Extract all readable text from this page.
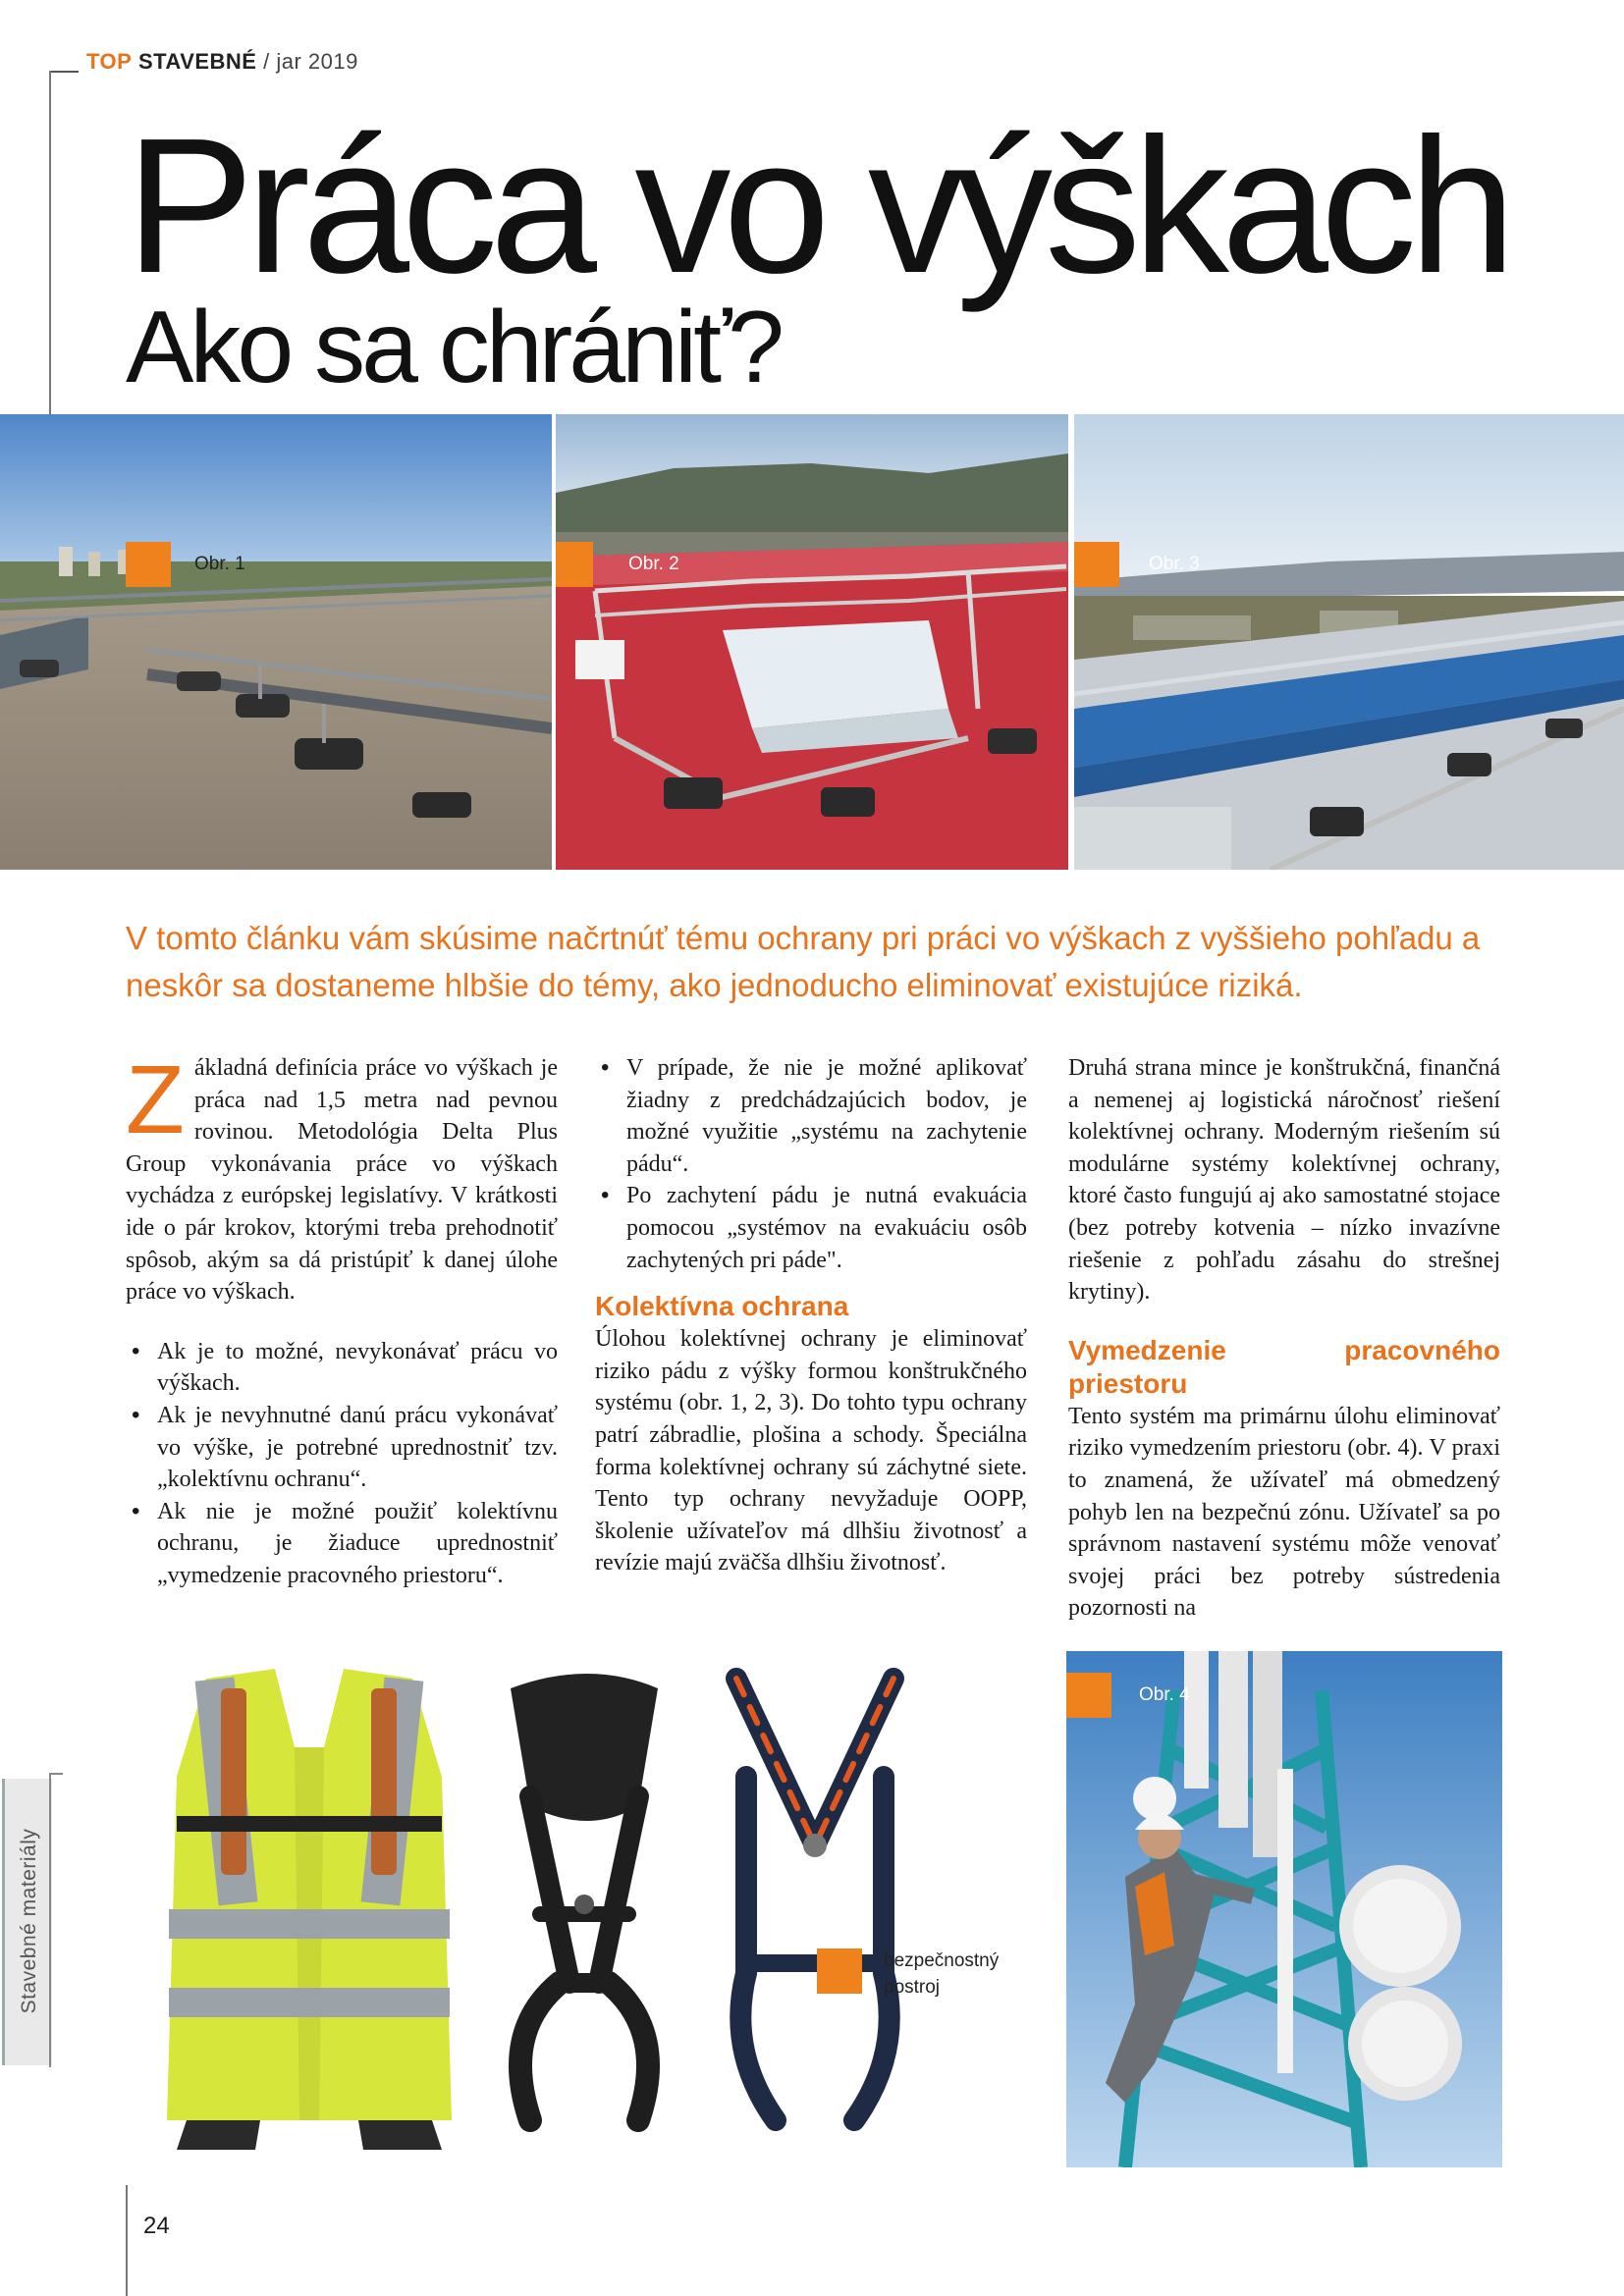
TOP STAVEBNÉ / jar 2019
Práca vo výškach
Ako sa chrániť?
Obr. 1	Obr. 2	Obr. 3
V tomto článku vám skúsime načrtnúť tému ochrany pri práci vo výškach z vyššieho pohľadu a neskôr sa dostaneme hlbšie do témy, ako jednoducho eliminovať existujúce riziká.

Základná definícia práce vo výškach je práca nad 1,5 metra nad pevnou rovinou. Metodológia Delta Plus Group vykonávania práce vo výškach vychádza z európskej legislatívy. V krátkosti ide o pár krokov, ktorými treba prehodnotiť spôsob, akým sa dá pristúpiť k danej úlohe práce vo výškach.

• Ak je to možné, nevykonávať prácu vo výškach.
• Ak je nevyhnutné danú prácu vykonávať vo výške, je potrebné uprednostniť tzv. „kolektívnu ochranu“.
• Ak nie je možné použiť kolektívnu ochranu, je žiaduce uprednostniť „vymedzenie pracovného priestoru“.
• V prípade, že nie je možné aplikovať žiadny z predchádzajúcich bodov, je možné využitie „systému na zachytenie pádu“.
• Po zachytení pádu je nutná evakuácia pomocou „systémov na evakuáciu osôb zachytených pri páde".
Kolektívna ochrana

Úlohou kolektívnej ochrany je eliminovať riziko pádu z výšky formou konštrukčného systému (obr. 1, 2, 3). Do tohto typu ochrany patrí zábradlie, plošina a schody. Špeciálna forma kolektívnej ochrany sú záchytné siete. Tento typ ochrany nevyžaduje OOPP, školenie užívateľov má dlhšiu životnosť a revízie majú zväčša dlhšiu životnosť.

Druhá strana mince je konštrukčná, finančná a nemenej aj logistická náročnosť riešení kolektívnej ochrany. Moderným riešením sú modulárne systémy kolektívnej ochrany, ktoré často fungujú aj ako samostatné stojace (bez potreby kotvenia – nízko invazívne riešenie z pohľadu zásahu do strešnej krytiny).

Vymedzenie pracovného priestoru

Tento systém ma primárnu úlohu eliminovať riziko vymedzením priestoru (obr. 4). V praxi to znamená, že užívateľ má obmedzený pohyb len na bezpečnú zónu. Užívateľ sa po správnom nastavení systému môže venovať svojej práci bez potreby sústredenia pozornosti na

bezpečnostný postroj
Obr. 4
Stavebné materiály
24
